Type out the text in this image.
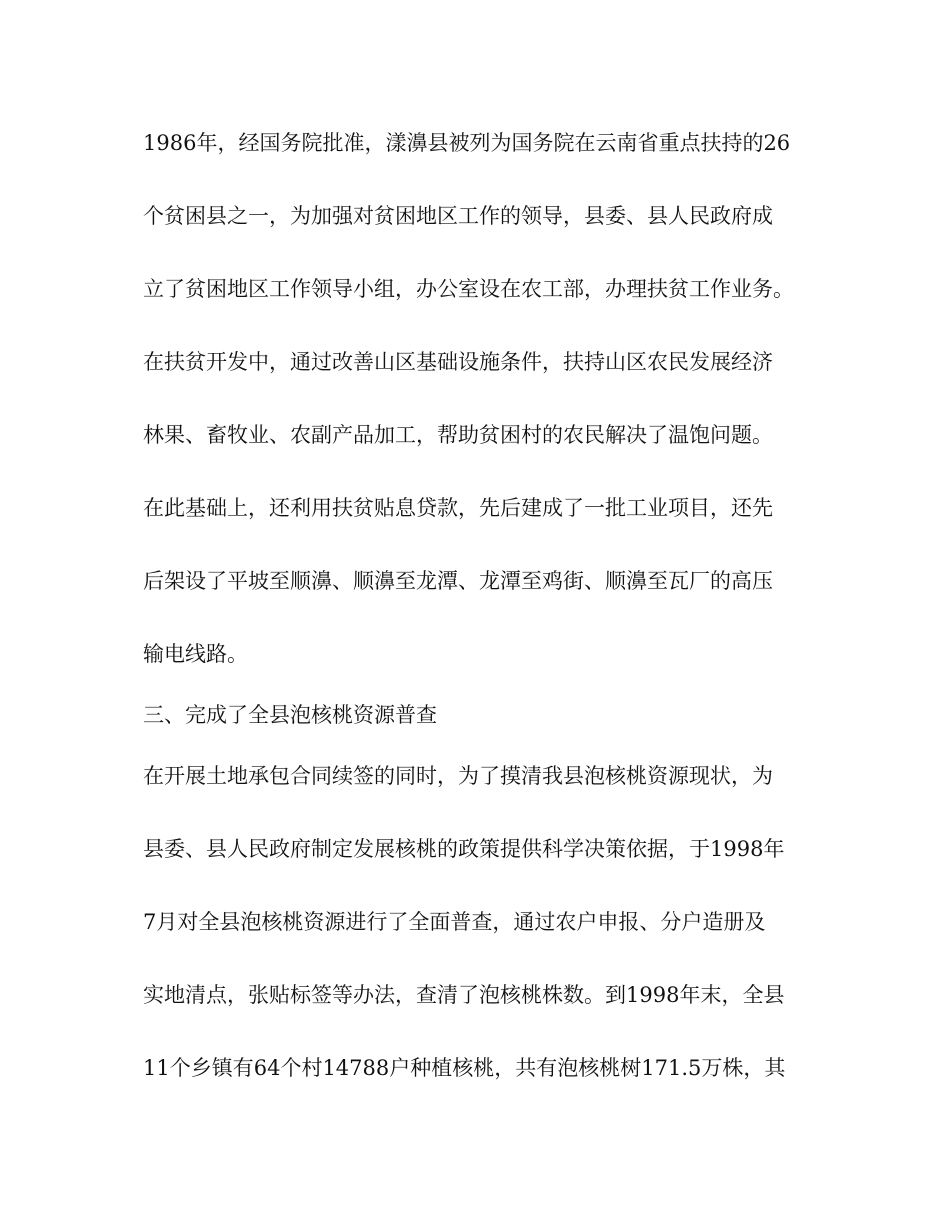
1986年，经国务院批准，漾濞县被列为国务院在云南省重点扶持的26

个贫困县之一，为加强对贫困地区工作的领导，县委、县人民政府成

立了贫困地区工作领导小组，办公室设在农工部，办理扶贫工作业务。

在扶贫开发中，通过改善山区基础设施条件，扶持山区农民发展经济

林果、畜牧业、农副产品加工，帮助贫困村的农民解决了温饱问题。

在此基础上，还利用扶贫贴息贷款，先后建成了一批工业项目，还先

后架设了平坡至顺濞、顺濞至龙潭、龙潭至鸡街、顺濞至瓦厂的高压

输电线路。

三、完成了全县泡核桃资源普查

在开展土地承包合同续签的同时，为了摸清我县泡核桃资源现状，为

县委、县人民政府制定发展核桃的政策提供科学决策依据，于1998年

7月对全县泡核桃资源进行了全面普查，通过农户申报、分户造册及

实地清点，张贴标签等办法，查清了泡核桃株数。到1998年末，全县

11个乡镇有64个村14788户种植核桃，共有泡核桃树171.5万株，其
